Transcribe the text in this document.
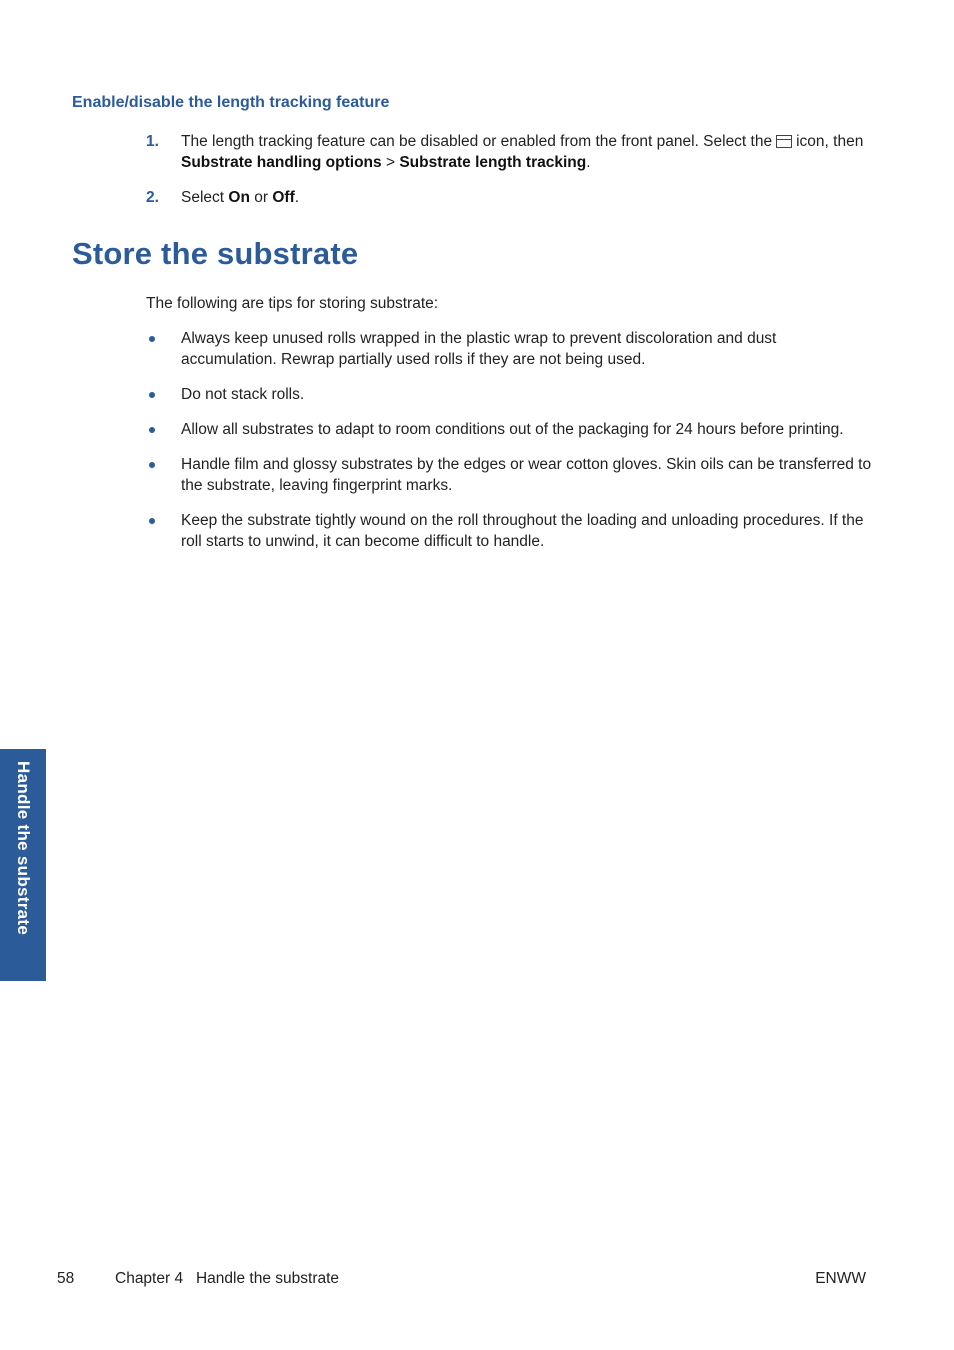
Enable/disable the length tracking feature
1. The length tracking feature can be disabled or enabled from the front panel. Select the icon, then Substrate handling options > Substrate length tracking.
2. Select On or Off.
Store the substrate
The following are tips for storing substrate:
Always keep unused rolls wrapped in the plastic wrap to prevent discoloration and dust accumulation. Rewrap partially used rolls if they are not being used.
Do not stack rolls.
Allow all substrates to adapt to room conditions out of the packaging for 24 hours before printing.
Handle film and glossy substrates by the edges or wear cotton gloves. Skin oils can be transferred to the substrate, leaving fingerprint marks.
Keep the substrate tightly wound on the roll throughout the loading and unloading procedures. If the roll starts to unwind, it can become difficult to handle.
Handle the substrate
58	Chapter 4   Handle the substrate	ENWW
